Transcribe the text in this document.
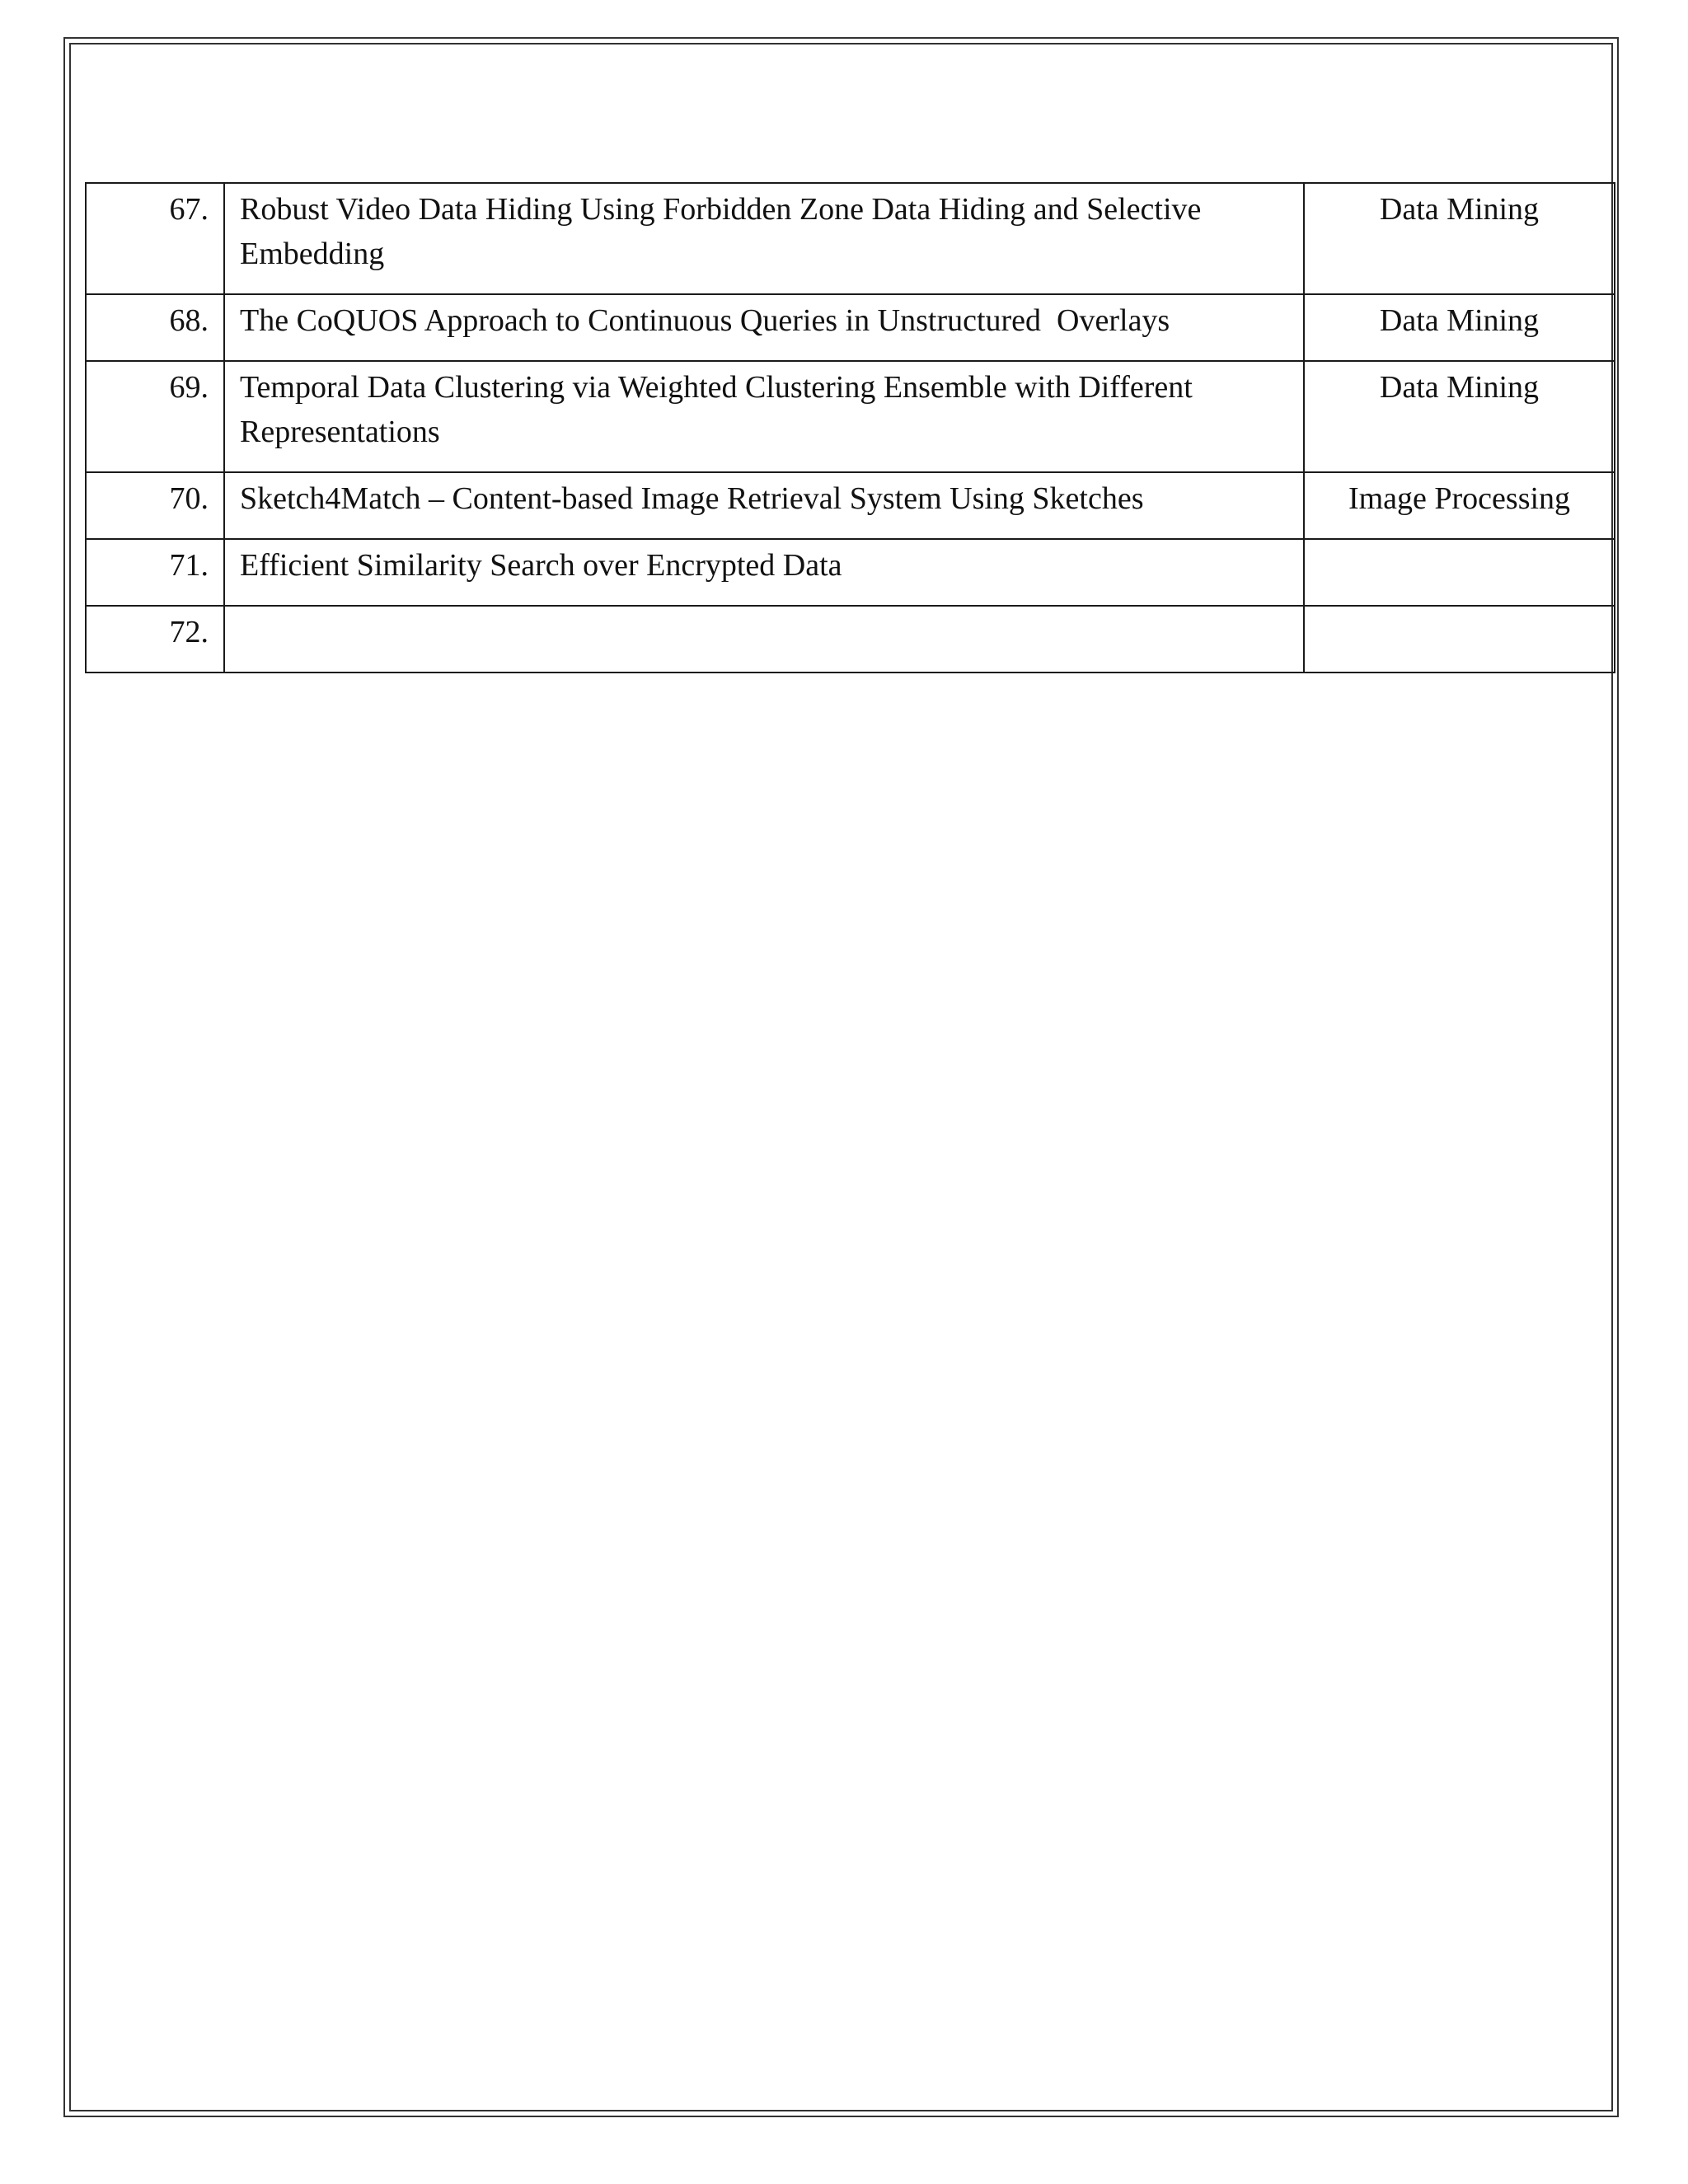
67.	Robust Video Data Hiding Using Forbidden Zone Data Hiding and Selective Embedding	Data Mining
68.	The CoQUOS Approach to Continuous Queries in Unstructured  Overlays	Data Mining
69.	Temporal Data Clustering via Weighted Clustering Ensemble with Different Representations	Data Mining
70.	Sketch4Match – Content-based Image Retrieval System Using Sketches	Image Processing
71.	Efficient Similarity Search over Encrypted Data	
72.		
